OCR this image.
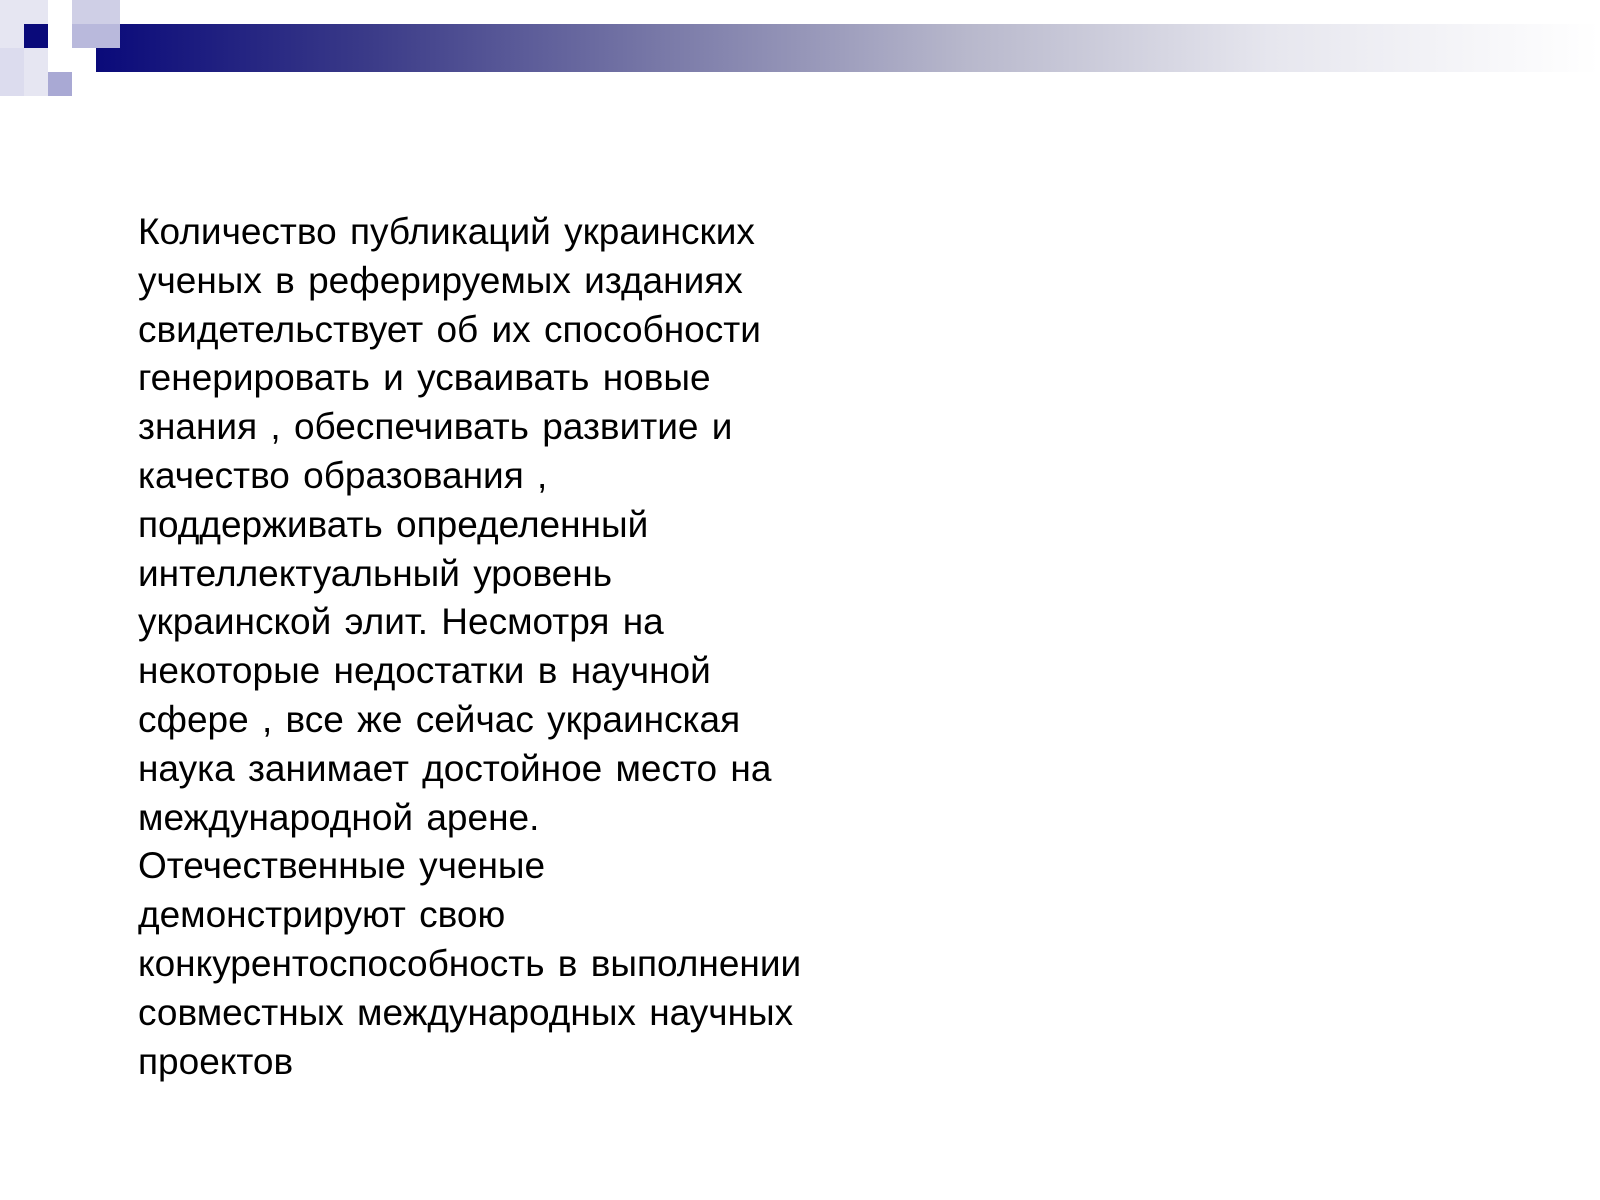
Количество публикаций украинских
ученых в реферируемых изданиях
свидетельствует об их способности
генерировать и усваивать новые
знания , обеспечивать развитие и
качество образования ,
поддерживать определенный
интеллектуальный уровень
украинской элит. Несмотря на
некоторые недостатки в научной
сфере , все же сейчас украинская
наука занимает достойное место на
международной арене.
Отечественные ученые
демонстрируют свою
конкурентоспособность в выполнении
совместных международных научных
проектов
